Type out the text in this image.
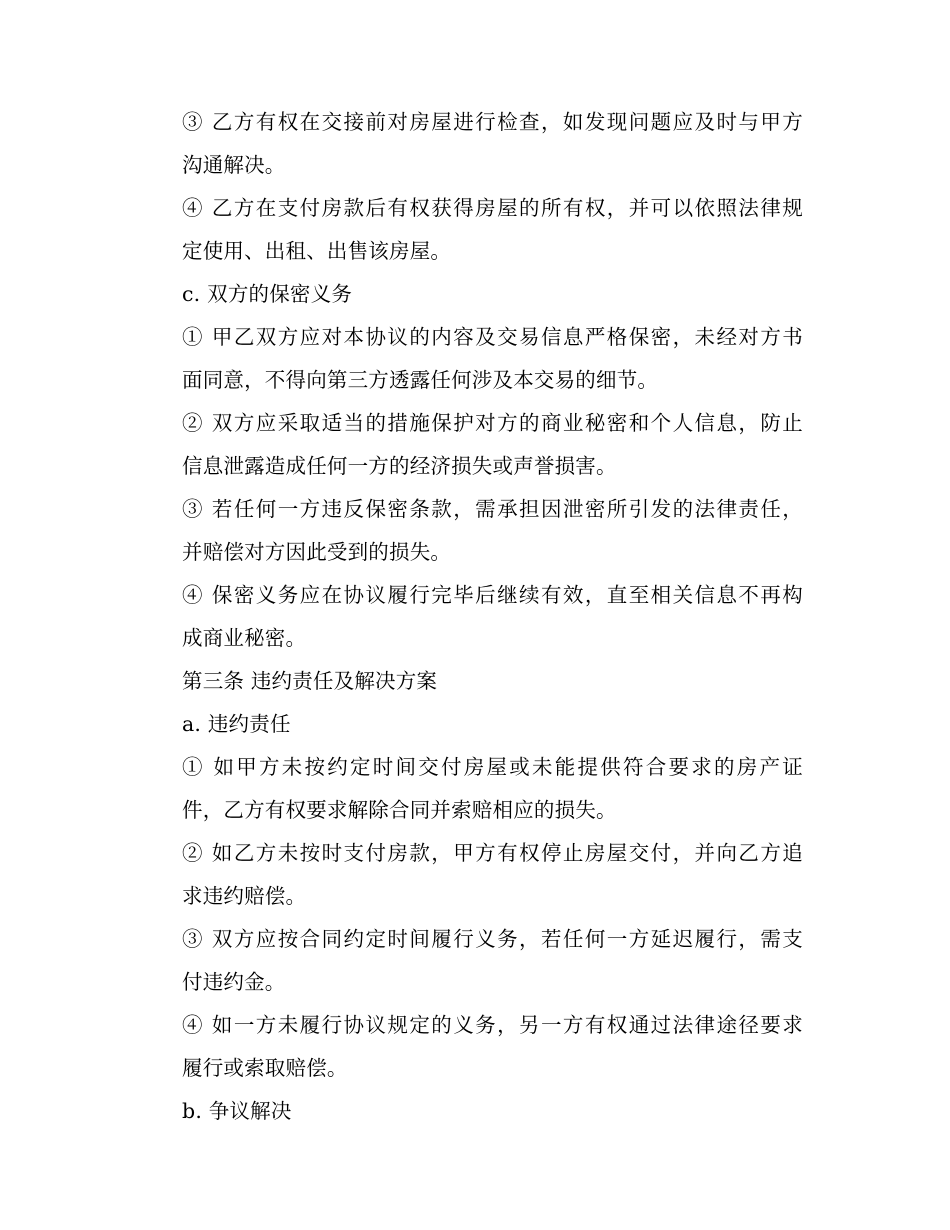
③ 乙方有权在交接前对房屋进行检查，如发现问题应及时与甲方
沟通解决。

④ 乙方在支付房款后有权获得房屋的所有权，并可以依照法律规
定使用、出租、出售该房屋。

c. 双方的保密义务

① 甲乙双方应对本协议的内容及交易信息严格保密，未经对方书
面同意，不得向第三方透露任何涉及本交易的细节。

② 双方应采取适当的措施保护对方的商业秘密和个人信息，防止
信息泄露造成任何一方的经济损失或声誉损害。

③ 若任何一方违反保密条款，需承担因泄密所引发的法律责任，
并赔偿对方因此受到的损失。

④ 保密义务应在协议履行完毕后继续有效，直至相关信息不再构
成商业秘密。

第三条 违约责任及解决方案

a. 违约责任

① 如甲方未按约定时间交付房屋或未能提供符合要求的房产证
件，乙方有权要求解除合同并索赔相应的损失。

② 如乙方未按时支付房款，甲方有权停止房屋交付，并向乙方追
求违约赔偿。

③ 双方应按合同约定时间履行义务，若任何一方延迟履行，需支
付违约金。

④ 如一方未履行协议规定的义务，另一方有权通过法律途径要求
履行或索取赔偿。

b. 争议解决
